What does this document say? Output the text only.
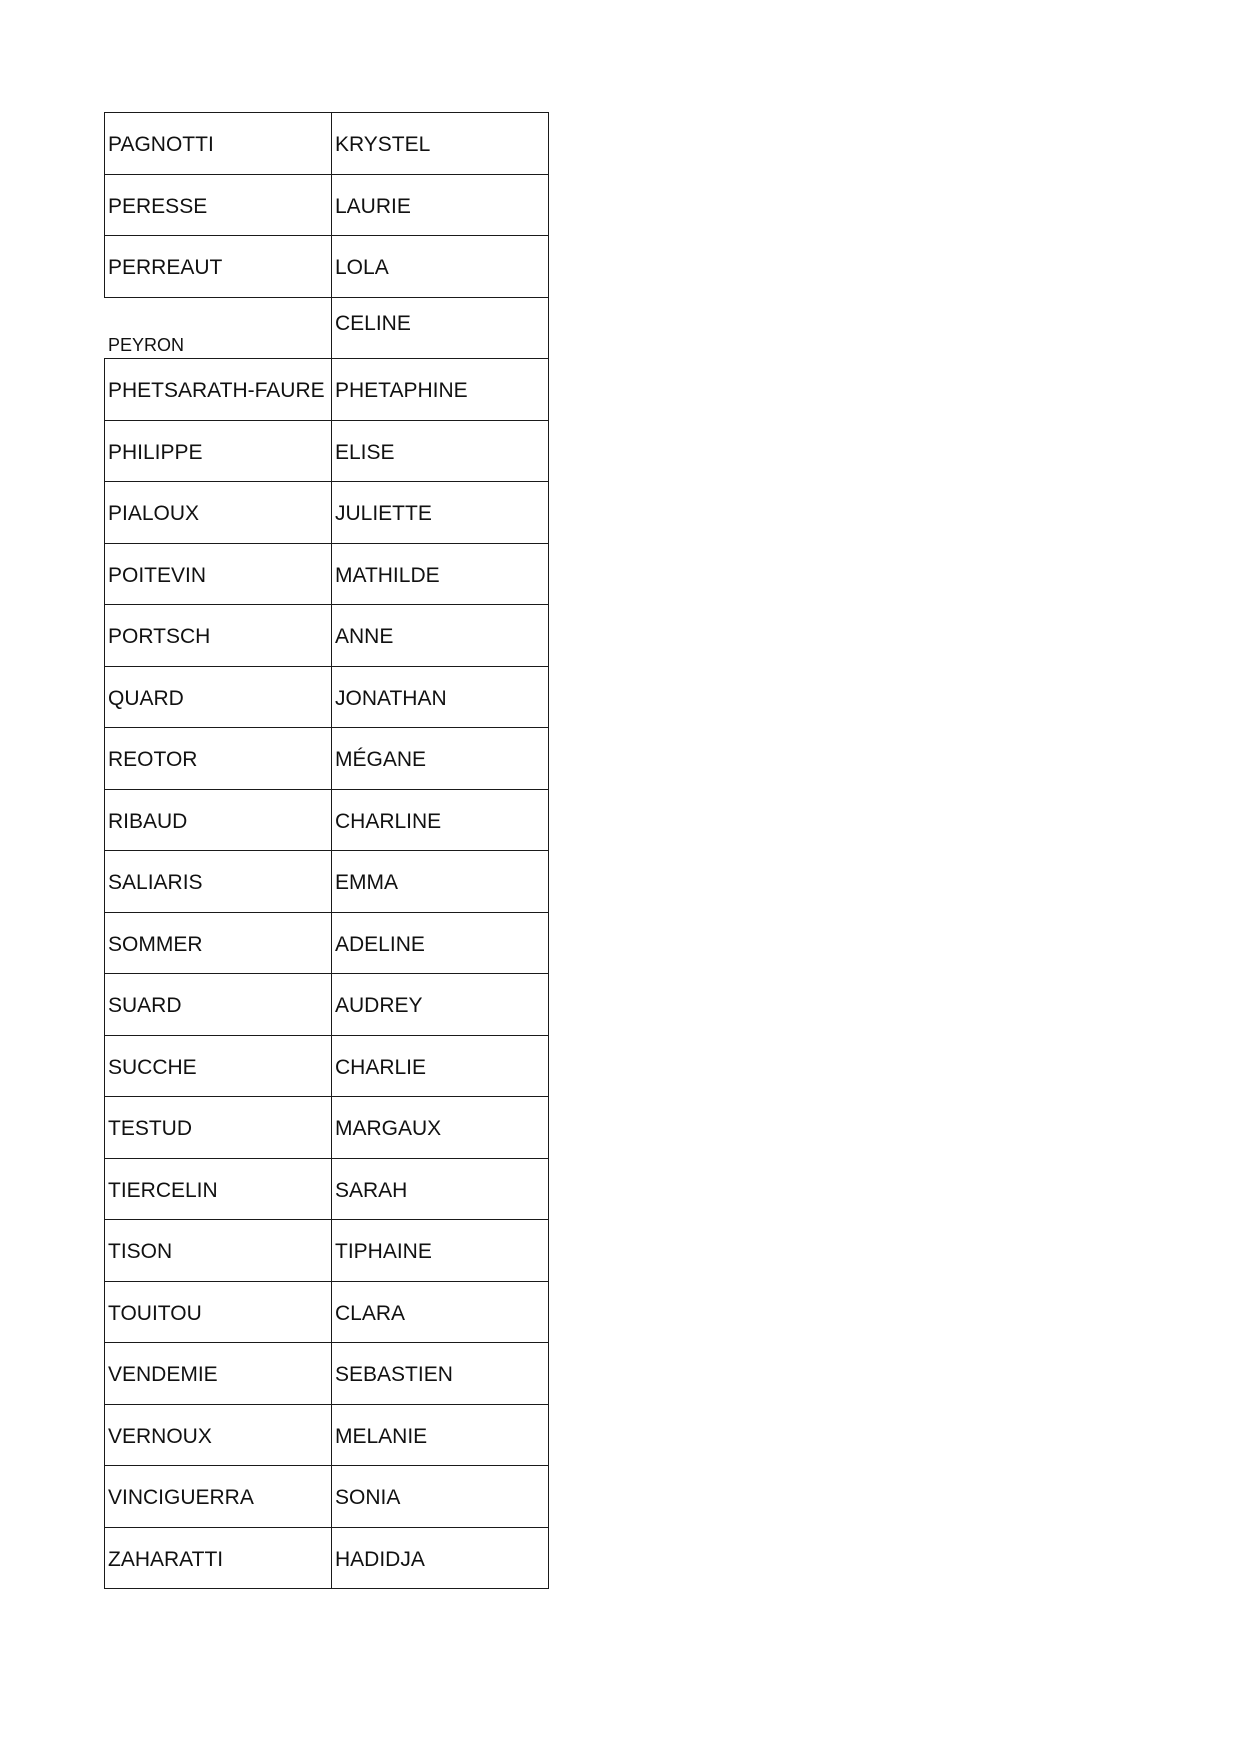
PAGNOTTI	KRYSTEL
PERESSE	LAURIE
PERREAUT	LOLA
PEYRON	CELINE
PHETSARATH-FAURE	PHETAPHINE
PHILIPPE	ELISE
PIALOUX	JULIETTE
POITEVIN	MATHILDE
PORTSCH	ANNE
QUARD	JONATHAN
REOTOR	MÉGANE
RIBAUD	CHARLINE
SALIARIS	EMMA
SOMMER	ADELINE
SUARD	AUDREY
SUCCHE	CHARLIE
TESTUD	MARGAUX
TIERCELIN	SARAH
TISON	TIPHAINE
TOUITOU	CLARA
VENDEMIE	SEBASTIEN
VERNOUX	MELANIE
VINCIGUERRA	SONIA
ZAHARATTI	HADIDJA
